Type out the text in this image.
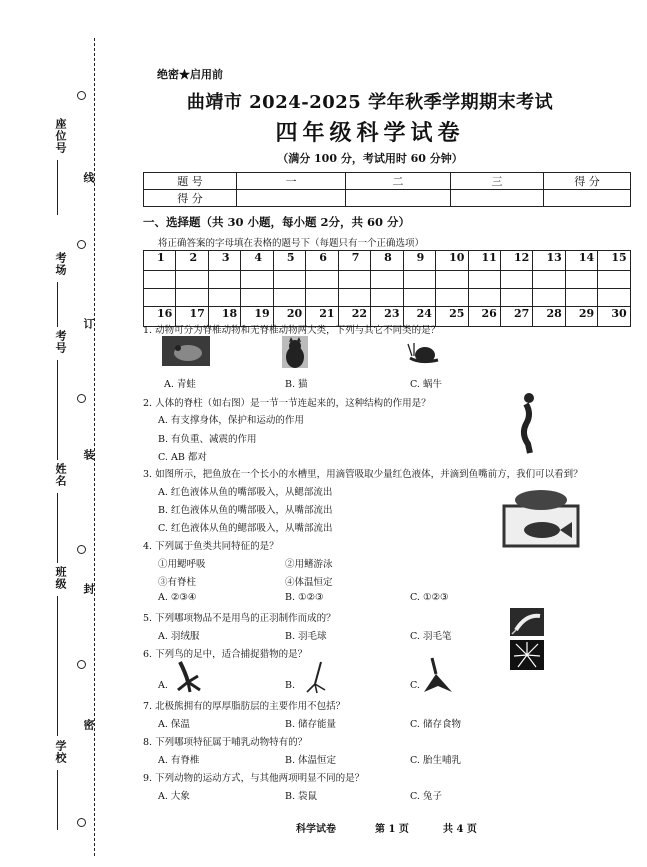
线
订
装
封
密
座位号
考场
考号
姓名
班级
学校
绝密★启用前
曲靖市 2024-2025 学年秋季学期期末考试
四年级科学试卷
（满分 100 分，考试用时 60 分钟）
题 号	一	二	三	得 分
得 分				
一、选择题（共 30 小题，每小题 2分，共 60 分）
将正确答案的字母填在表格的题号下（每题只有一个正确选项）
1	2	3	4	5	6	7	8	9	10	11	12	13	14	15

16	17	18	19	20	21	22	23	24	25	26	27	28	29	30
1. 动物可分为脊椎动物和无脊椎动物两大类，下列与其它不同类的是？
A. 青蛙	B. 猫	C. 蜗牛
2. 人体的脊柱（如右图）是一节一节连起来的，这种结构的作用是？
A. 有支撑身体，保护和运动的作用
B. 有负重、减震的作用
C. AB 都对
3. 如图所示，把鱼放在一个长小的水槽里，用滴管吸取少量红色液体，并滴到鱼嘴前方，我们可以看到？
A. 红色液体从鱼的嘴部吸入，从鳃部流出
B. 红色液体从鱼的嘴部吸入，从嘴部流出
C. 红色液体从鱼的鳃部吸入，从嘴部流出
4. 下列属于鱼类共同特征的是？
①用鳃呼吸	②用鳍游泳
③有脊柱	④体温恒定
A. ②③④	B. ①②③	C. ①②③
5. 下列哪项物品不是用鸟的正羽制作而成的？
A. 羽绒服	B. 羽毛球	C. 羽毛笔
6. 下列鸟的足中，适合捕捉猎物的是？
A.	B.	C.
7. 北极熊拥有的厚厚脂肪层的主要作用不包括？
A. 保温	B. 储存能量	C. 储存食物
8. 下列哪项特征属于哺乳动物特有的？
A. 有脊椎	B. 体温恒定	C. 胎生哺乳
9. 下列动物的运动方式，与其他两项明显不同的是？
A. 大象	B. 袋鼠	C. 兔子
科学试卷	第 1 页	共 4 页
